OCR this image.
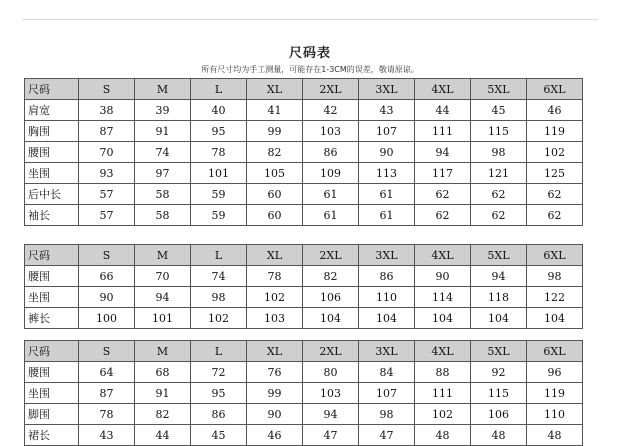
尺码表
所有尺寸均为手工测量，可能存在1-3CM的误差，敬请原谅。
尺码	S	M	L	XL	2XL	3XL	4XL	5XL	6XL
肩宽	38	39	40	41	42	43	44	45	46
胸围	87	91	95	99	103	107	111	115	119
腰围	70	74	78	82	86	90	94	98	102
坐围	93	97	101	105	109	113	117	121	125
后中长	57	58	59	60	61	61	62	62	62
袖长	57	58	59	60	61	61	62	62	62
尺码	S	M	L	XL	2XL	3XL	4XL	5XL	6XL
腰围	66	70	74	78	82	86	90	94	98
坐围	90	94	98	102	106	110	114	118	122
裤长	100	101	102	103	104	104	104	104	104
尺码	S	M	L	XL	2XL	3XL	4XL	5XL	6XL
腰围	64	68	72	76	80	84	88	92	96
坐围	87	91	95	99	103	107	111	115	119
脚围	78	82	86	90	94	98	102	106	110
裙长	43	44	45	46	47	47	48	48	48
